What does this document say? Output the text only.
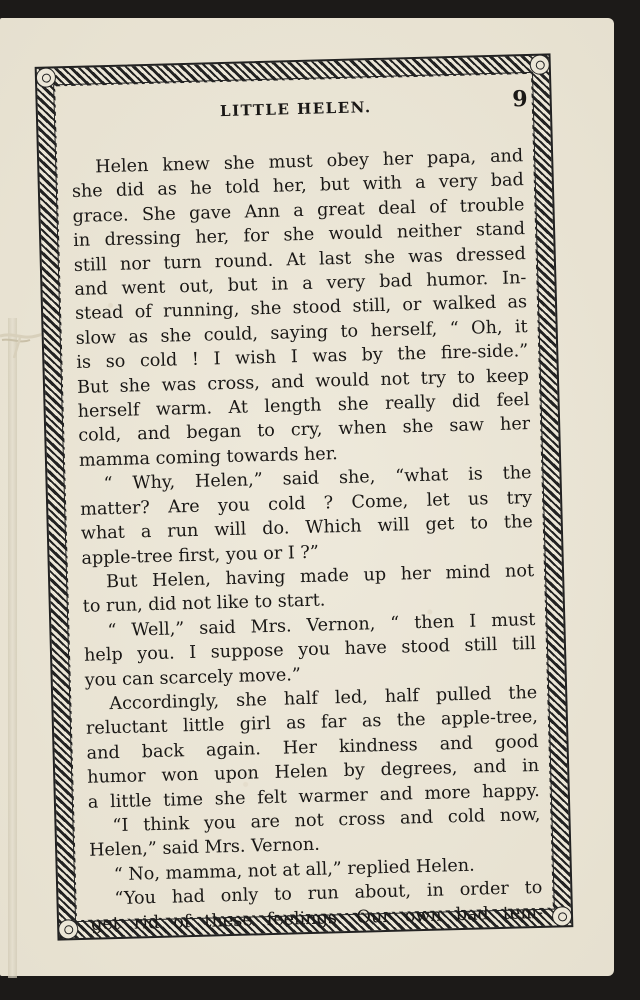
LITTLE HELEN.	9
Helen knew she must obey her papa, and
she did as he told her, but with a very bad
grace. She gave Ann a great deal of trouble
in dressing her, for she would neither stand
still nor turn round. At last she was dressed
and went out, but in a very bad humor. In-
stead of running, she stood still, or walked as
slow as she could, saying to herself, “ Oh, it
is so cold ! I wish I was by the fire-side.”
But she was cross, and would not try to keep
herself warm. At length she really did feel
cold, and began to cry, when she saw her
mamma coming towards her.
“ Why, Helen,” said she, “what is the
matter? Are you cold ? Come, let us try
what a run will do. Which will get to the
apple-tree first, you or I ?”
But Helen, having made up her mind not
to run, did not like to start.
“ Well,” said Mrs. Vernon, “ then I must
help you. I suppose you have stood still till
you can scarcely move.”
Accordingly, she half led, half pulled the
reluctant little girl as far as the apple-tree,
and back again. Her kindness and good
humor won upon Helen by degrees, and in
a little time she felt warmer and more happy.
“I think you are not cross and cold now,
Helen,” said Mrs. Vernon.
“ No, mamma, not at all,” replied Helen.
“You had only to run about, in order to
get rid of these feelings. Our own bad tem-
